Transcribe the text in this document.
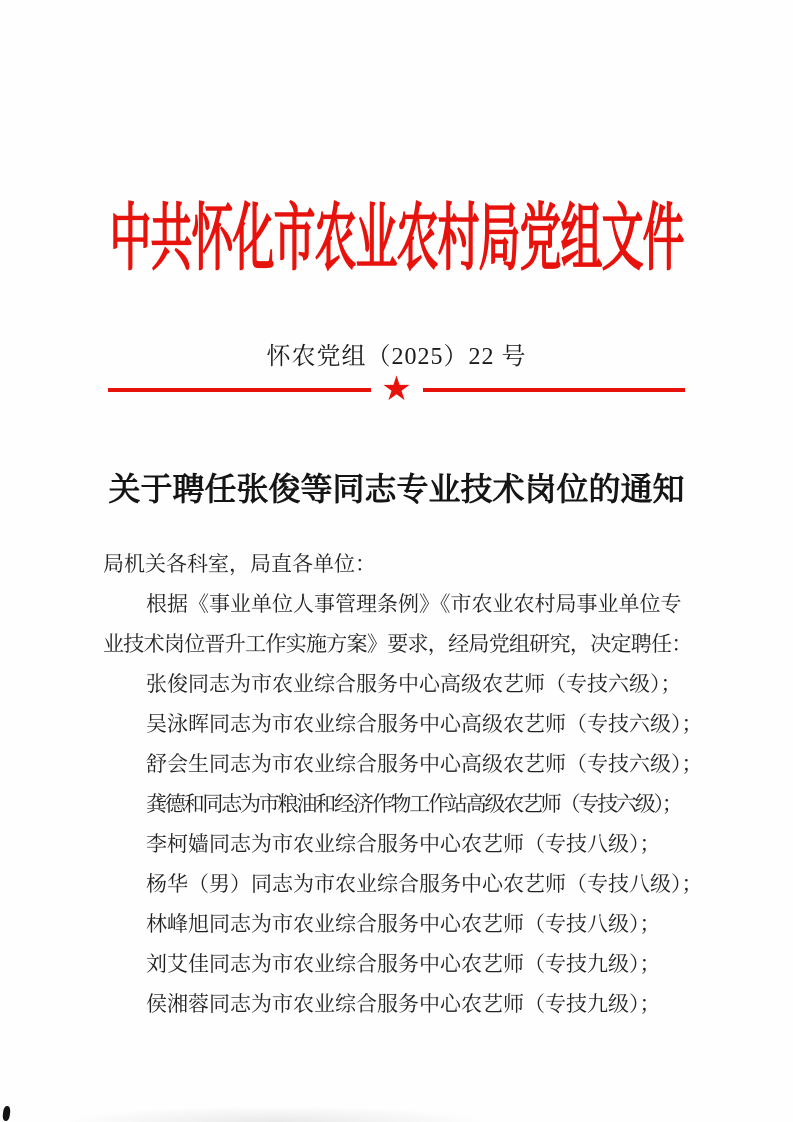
中共怀化市农业农村局党组文件
怀农党组（2025）22 号
★
关于聘任张俊等同志专业技术岗位的通知
局机关各科室，局直各单位：
根据《事业单位人事管理条例》《市农业农村局事业单位专
业技术岗位晋升工作实施方案》要求，经局党组研究，决定聘任：
张俊同志为市农业综合服务中心高级农艺师（专技六级）；
吴泳晖同志为市农业综合服务中心高级农艺师（专技六级）；
舒会生同志为市农业综合服务中心高级农艺师（专技六级）；
龚德和同志为市粮油和经济作物工作站高级农艺师（专技六级）；
李柯嫱同志为市农业综合服务中心农艺师（专技八级）；
杨华（男）同志为市农业综合服务中心农艺师（专技八级）；
林峰旭同志为市农业综合服务中心农艺师（专技八级）；
刘艾佳同志为市农业综合服务中心农艺师（专技九级）；
侯湘蓉同志为市农业综合服务中心农艺师（专技九级）；
